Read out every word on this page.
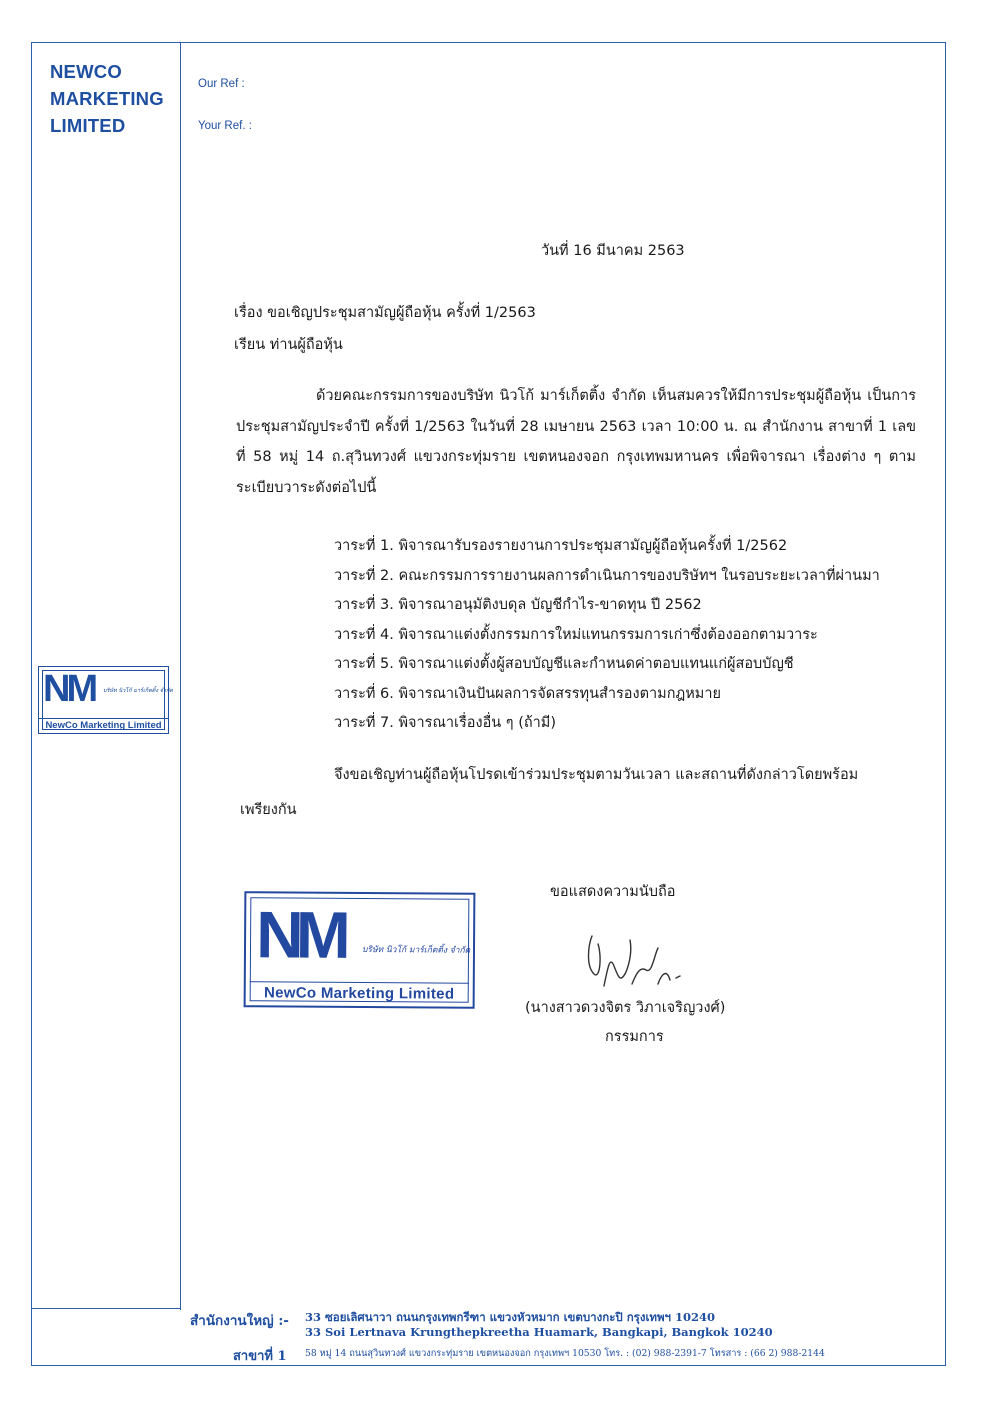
NEWCO
MARKETING
LIMITED
Our Ref :
Your Ref. :
NM บริษัท นิวโก้ มาร์เก็ตติ้ง จำกัด
NewCo Marketing Limited
วันที่ 16 มีนาคม 2563
เรื่อง ขอเชิญประชุมสามัญผู้ถือหุ้น ครั้งที่ 1/2563
เรียน ท่านผู้ถือหุ้น
ด้วยคณะกรรมการของบริษัท นิวโก้ มาร์เก็ตติ้ง จำกัด เห็นสมควรให้มีการประชุมผู้ถือหุ้น เป็นการประชุมสามัญประจำปี ครั้งที่ 1/2563 ในวันที่ 28 เมษายน 2563 เวลา 10:00 น. ณ สำนักงาน สาขาที่ 1 เลขที่ 58 หมู่ 14 ถ.สุวินทวงศ์ แขวงกระทุ่มราย เขตหนองจอก กรุงเทพมหานคร เพื่อพิจารณา เรื่องต่าง ๆ ตามระเบียบวาระดังต่อไปนี้
วาระที่ 1. พิจารณารับรองรายงานการประชุมสามัญผู้ถือหุ้นครั้งที่ 1/2562
วาระที่ 2. คณะกรรมการรายงานผลการดำเนินการของบริษัทฯ ในรอบระยะเวลาที่ผ่านมา
วาระที่ 3. พิจารณาอนุมัติงบดุล บัญชีกำไร-ขาดทุน ปี 2562
วาระที่ 4. พิจารณาแต่งตั้งกรรมการใหม่แทนกรรมการเก่าซึ่งต้องออกตามวาระ
วาระที่ 5. พิจารณาแต่งตั้งผู้สอบบัญชีและกำหนดค่าตอบแทนแก่ผู้สอบบัญชี
วาระที่ 6. พิจารณาเงินปันผลการจัดสรรทุนสำรองตามกฎหมาย
วาระที่ 7. พิจารณาเรื่องอื่น ๆ (ถ้ามี)
จึงขอเชิญท่านผู้ถือหุ้นโปรดเข้าร่วมประชุมตามวันเวลา และสถานที่ดังกล่าวโดยพร้อม
เพรียงกัน
ขอแสดงความนับถือ
NM บริษัท นิวโก้ มาร์เก็ตติ้ง จำกัด
NewCo Marketing Limited
(นางสาวดวงจิตร วิภาเจริญวงศ์)
กรรมการ
สำนักงานใหญ่ :- 33 ซอยเลิศนาวา ถนนกรุงเทพกรีฑา แขวงหัวหมาก เขตบางกะปิ กรุงเทพฯ 10240
33 Soi Lertnava Krungthepkreetha Huamark, Bangkapi, Bangkok 10240
สาขาที่ 1 58 หมู่ 14 ถนนสุวินทวงศ์ แขวงกระทุ่มราย เขตหนองจอก กรุงเทพฯ 10530 โทร. : (02) 988-2391-7 โทรสาร : (66 2) 988-2144
